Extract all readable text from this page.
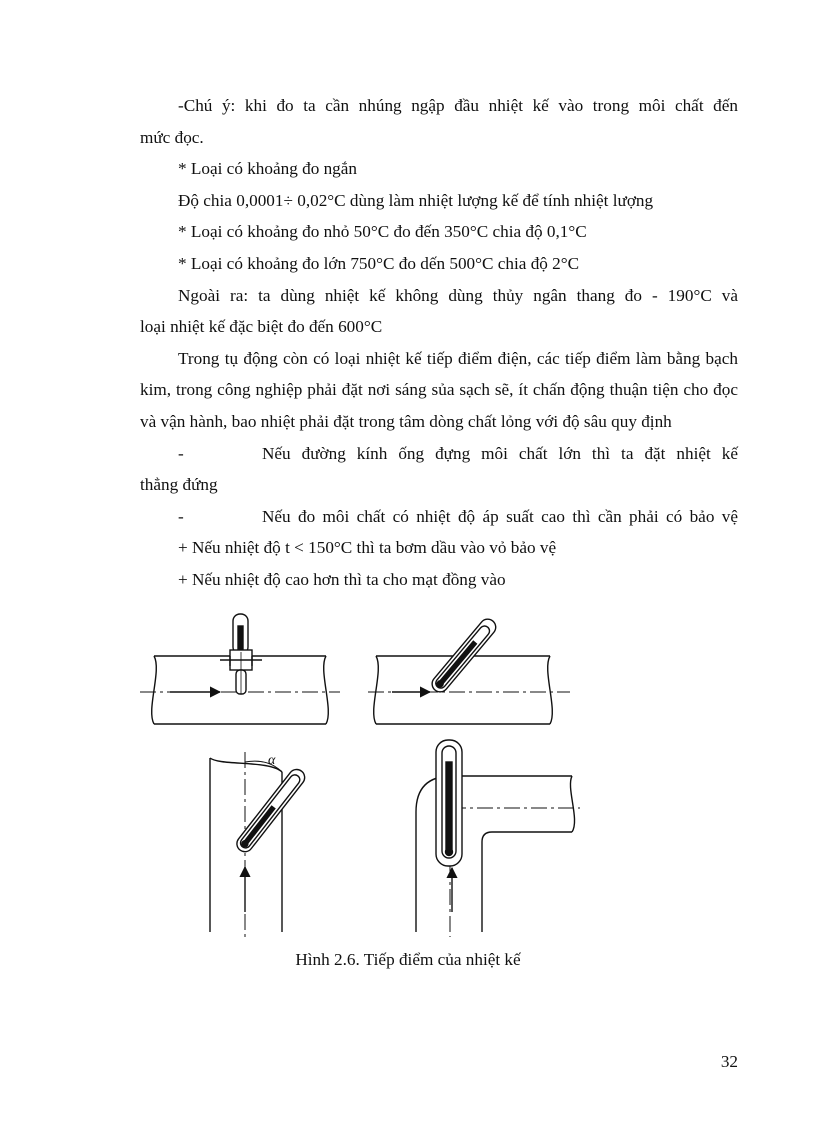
-Chú ý: khi đo ta cần nhúng ngập đầu nhiệt kế vào trong môi chất đến

mức đọc.

* Loại có khoảng đo ngắn

Độ chia 0,0001÷ 0,02°C dùng làm nhiệt lượng kế để tính nhiệt lượng

* Loại có khoảng đo nhỏ 50°C đo đến 350°C chia độ 0,1°C

* Loại có khoảng đo lớn 750°C đo dến 500°C chia độ 2°C

Ngoài ra: ta dùng nhiệt kế không dùng thủy ngân thang đo - 190°C và

loại nhiệt kế đặc biệt đo đến 600°C

Trong tụ động còn có loại nhiệt kế tiếp điểm điện, các tiếp điểm làm bằng bạch kim, trong công nghiệp phải đặt nơi sáng sủa sạch sẽ, ít chấn động thuận tiện cho đọc và vận hành, bao nhiệt phải đặt trong tâm dòng chất lỏng với độ sâu quy định

-	Nếu đường kính ống đựng môi chất lớn thì ta đặt nhiệt kế

thẳng đứng

-	Nếu đo môi chất có nhiệt độ áp suất cao thì cần phải có bảo vệ

+ Nếu nhiệt độ t < 150°C thì ta bơm dầu vào vỏ bảo vệ

+ Nếu nhiệt độ cao hơn thì ta cho mạt đồng vào

α
Hình 2.6. Tiếp điểm của nhiệt kế
32
